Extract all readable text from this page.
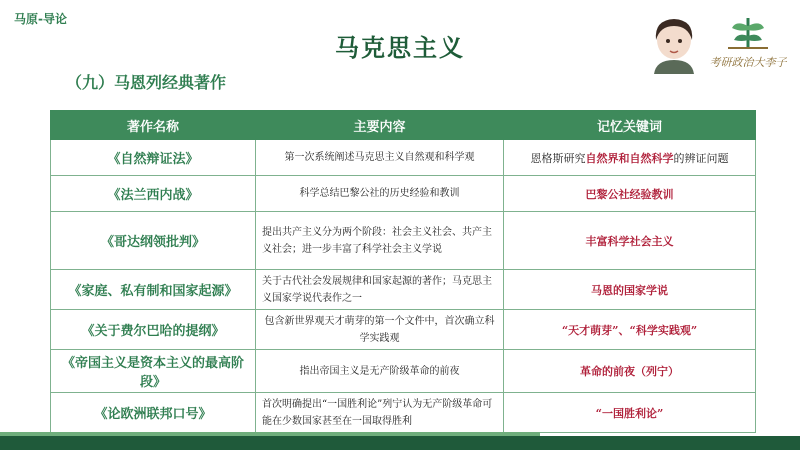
马原-导论
马克思主义
（九）马恩列经典著作
考研政治大李子
著作名称	主要内容	记忆关键词
《自然辩证法》	第一次系统阐述马克思主义自然观和科学观	恩格斯研究自然界和自然科学的辨证问题
《法兰西内战》	科学总结巴黎公社的历史经验和教训	巴黎公社经验教训
《哥达纲领批判》	提出共产主义分为两个阶段：社会主义社会、共产主义社会；进一步丰富了科学社会主义学说	丰富科学社会主义
《家庭、私有制和国家起源》	关于古代社会发展规律和国家起源的著作；马克思主义国家学说代表作之一	马恩的国家学说
《关于费尔巴哈的提纲》	包含新世界观天才萌芽的第一个文件中，首次确立科学实践观	“天才萌芽”、“科学实践观”
《帝国主义是资本主义的最高阶段》	指出帝国主义是无产阶级革命的前夜	革命的前夜（列宁）
《论欧洲联邦口号》	首次明确提出“一国胜利论”列宁认为无产阶级革命可能在少数国家甚至在一国取得胜利	“一国胜利论”
